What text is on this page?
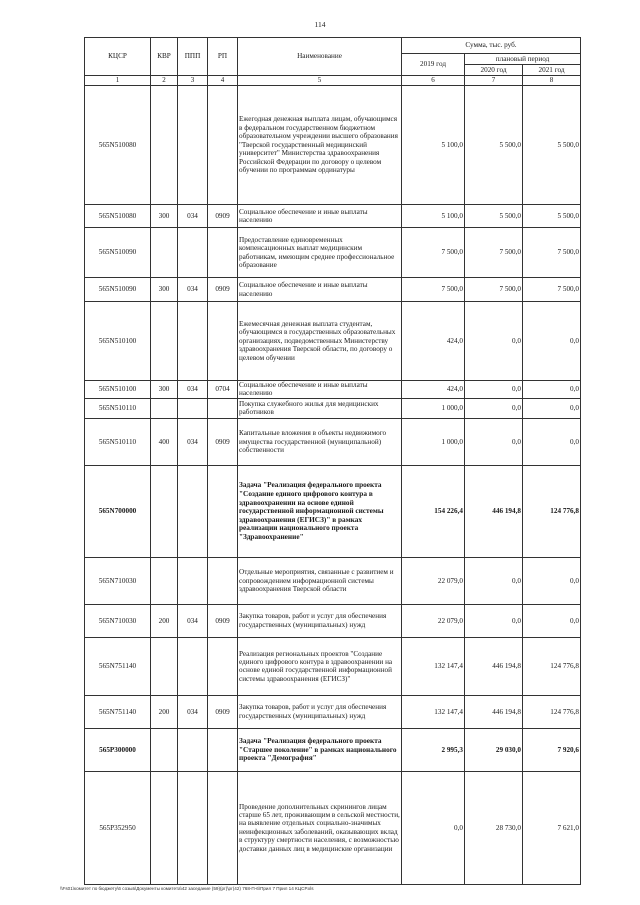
114
КЦСР	КВР	ППП	РП	Наименование	Сумма, тыс. руб.		
					2019 год	плановый период	
						2020 год	2021 год
1	2	3	4	5	6	7	8
565N510080				Ежегодная денежная выплата лицам, обучающимся в федеральном государственном бюджетном образовательном учреждении высшего образования "Тверской государственный медицинский университет" Министерства здравоохранения Российской Федерации по договору о целевом обучении по программам ординатуры	5 100,0	5 500,0	5 500,0
565N510080	300	034	0909	Социальное обеспечение и иные выплаты населению	5 100,0	5 500,0	5 500,0
565N510090				Предоставление единовременных компенсационных выплат медицинским работникам, имеющим среднее профессиональное образование	7 500,0	7 500,0	7 500,0
565N510090	300	034	0909	Социальное обеспечение и иные выплаты населению	7 500,0	7 500,0	7 500,0
565N510100				Ежемесячная денежная выплата студентам, обучающимся в государственных образовательных организациях, подведомственных Министерству здравоохранения Тверской области, по договору о целевом обучении	424,0	0,0	0,0
565N510100	300	034	0704	Социальное обеспечение и иные выплаты населению	424,0	0,0	0,0
565N510110				Покупка служебного жилья для медицинских работников	1 000,0	0,0	0,0
565N510110	400	034	0909	Капитальные вложения в объекты недвижимого имущества государственной (муниципальной) собственности	1 000,0	0,0	0,0
565N700000				Задача "Реализация федерального проекта "Создание единого цифрового контура в здравоохранении на основе единой государственной информационной системы здравоохранения (ЕГИСЗ)" в рамках реализации национального проекта "Здравоохранение"	154 226,4	446 194,8	124 776,8
565N710030				Отдельные мероприятия, связанные с развитием и сопровождением информационной системы здравоохранения Тверской области	22 079,0	0,0	0,0
565N710030	200	034	0909	Закупка товаров, работ и услуг для обеспечения государственных (муниципальных) нужд	22 079,0	0,0	0,0
565N751140				Реализация региональных проектов "Создание единого цифрового контура в здравоохранении на основе единой государственной информационной системы здравоохранения (ЕГИСЗ)"	132 147,4	446 194,8	124 776,8
565N751140	200	034	0909	Закупка товаров, работ и услуг для обеспечения государственных (муниципальных) нужд	132 147,4	446 194,8	124 776,8
565P300000				Задача "Реализация федерального проекта "Старшее поколение" в рамках национального проекта "Демография"	2 995,3	29 030,0	7 920,6
565P352950				Проведение дополнительных скринингов лицам старше 65 лет, проживающим в сельской местности, на выявление отдельных социально-значимых неинфекционных заболеваний, оказывающих вклад в структуру смертности населения, с возможностью доставки данных лиц в медицинские организации	0,0	28 730,0	7 621,0
\\Fs01\комитет по бюджету\6 созыв\Документы комитета\42 заседание (59)(рг)\рг(42) 768-П-6\Прил 7 Прил 14 КЦСР.xls
